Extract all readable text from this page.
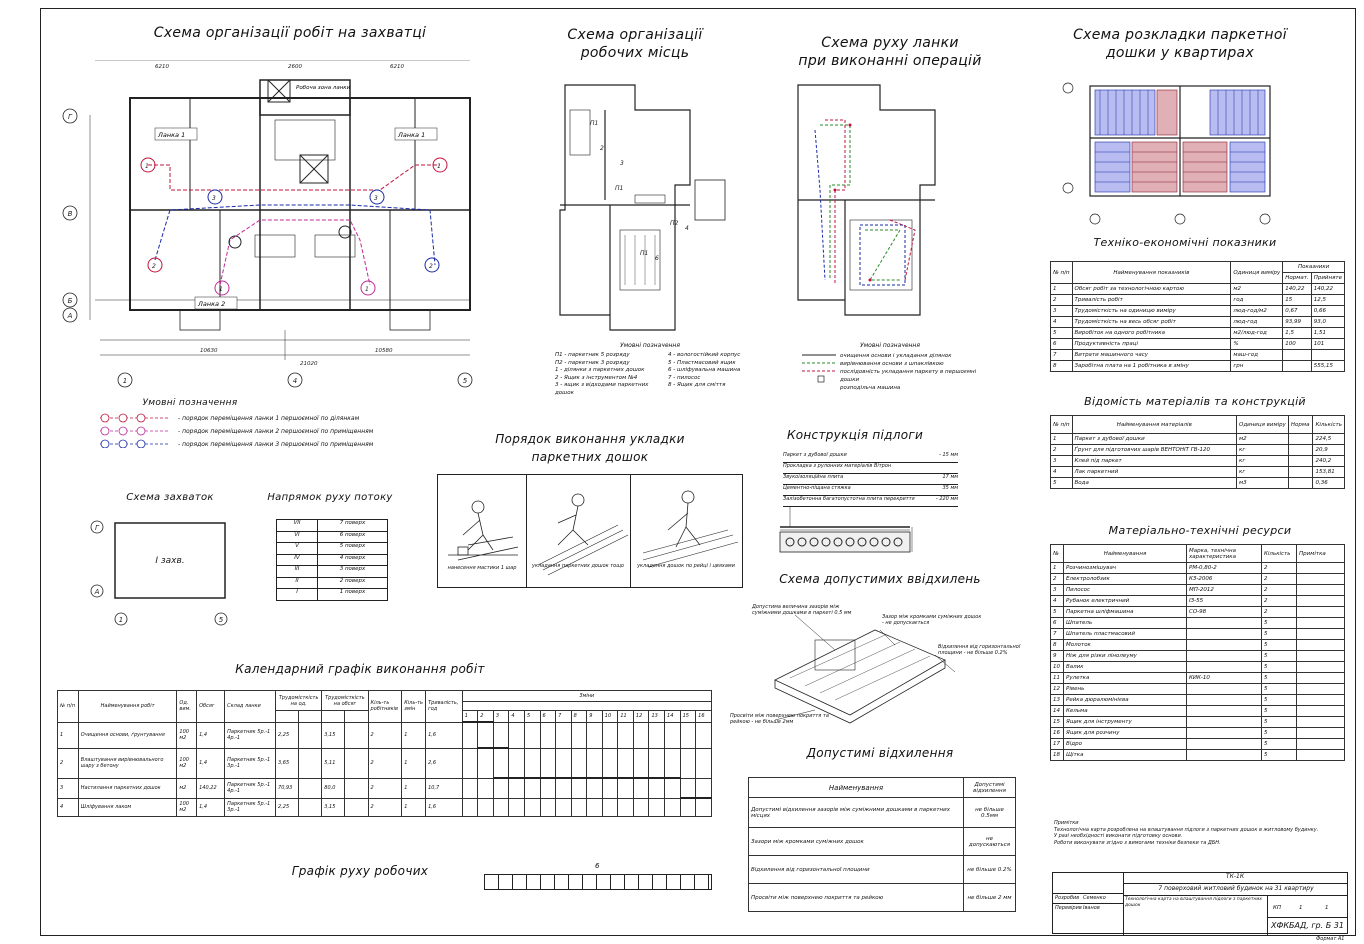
Схема організації робіт на захватці	Схема організації
робочих місць
Схема руху ланки
при виконанні операцій
Схема розкладки паркетної
дошки у квартирах
1	1
2	2
3	3
1	1
Ланка 1	Ланка 1
Ланка 2
Робоча зона ланки
6210	2600	6210
10630
21020
10580
Г
В
Б
А
1	4	5
Умовні позначення
- порядок переміщення ланки 1 першоємної по ділянкам
- порядок переміщення ланки 2 першоємної по приміщенням
- порядок переміщення ланки 3 першоємної по приміщенням
П1
П1
П2
П1
2
3
6
4
Умовні позначення
П1 - паркетник 5 розряду
П2 - паркетник 3 розряду
1 - ділянки з паркетних дошок
2 - Ящик з інструментом №4
3 - ящик з відходами паркетних дошок
4 - вологостійкий корпус
5 - Пластмасовий ящик
6 - шліфувальна машина
7 - пилосос
8 - Ящик для сміття
Умовні позначення
очищення основи і укладання ділянок
вирівнювання основи з шпаклівкою
послідовність укладання паркету в першоємні дошки
розподільча машина
Техніко-економічні показники
№ п/п	Найменування показників	Одиниця виміру	Показники	
			Нормат.	Прийняте
1	Обсяг робіт за технологічною картою	м2	140,22	140,22
2	Тривалість робіт	год	15	12,5
3	Трудомісткість на одиницю виміру	люд-год/м2	0,67	0,66
4	Трудомісткість на весь обсяг робіт	люд-год	93,99	93,0
5	Виробіток на одного робітника	м2/люд-год	1,5	1,51
6	Продуктивність праці	%	100	101
7	Витрати машинного часу	маш-год		
8	Заробітна плата на 1 робітника в зміну	грн		555,15
Відомість матеріалів та конструкцій
№ п/п	Найменування матеріалів	Одиниця виміру	Норма	Кількість
1	Паркет з дубової дошки	м2		224,5
2	Ґрунт для підготовчих шарів ВЕНТОНІТ ГВ-120	кг		20,9
3	Клей під паркет	кг		240,2
4	Лак паркетний	кг		153,81
5	Вода	м3		0,36
Матеріально-технічні ресурси
№	Найменування	Марка, технічна характеристика	Кількість	Примітка
1	Розчинозмішувач	РМ-0,80-2	2	
2	Електролобзик	КЗ-2006	2	
3	Пилосос	МП-2012	2	
4	Рубанок електричний	ІЗ-55	2	
5	Паркетна шліфмашина	СО-98	2	
6	Шпатель		5	
7	Шпатель пластмасовий		5	
8	Молоток		5	
9	Ніж для різки лінолеуму		5	
10	Валик		5	
11	Рулетка	КИК-10	5	
12	Рівень		5	
13	Рейка дюралюмінієва		5	
14	Кельма		5	
15	Ящик для інструменту		5	
16	Ящик для розчину		5	
17	Відро		5	
18	Щітка		5	
Порядок виконання укладки
паркетних дошок
нанесення мастики 1 шар	укладання паркетних дошок тощо	укладання дошок по рейці і цвяхами
Конструкція підлоги
Паркет з дубової дошки	- 15 мм
Прокладка з рулонних матеріалів Вітрон
Звукоізоляційна плита	17 мм
Цементно-піщана стяжка	35 мм
Залізобетонна багатопустотна плита перекриття	- 220 мм
Схема допустимих ввідхилень
Допустима величина зазорів між суміжними дошками в паркеті 0.5 мм
Зазор між кромками суміжних дошок - не допускається
Відхилення від горизонтальної площини - не більше 0.2%
Просвіти між поверхнею покриття та рейкою - не більше 2мм
Допустимі відхилення
Найменування	Допустимі відхилення
Допустимі відхилення зазорів між суміжними дошками в паркетних місцях	не більше 0.5мм
Зазори між кромками суміжних дошок	не допускаються
Відхилення від горизонтальної площини	не більше 0.2%
Просвіти між поверхнею покриття та рейкою	не більше 2 мм
Схема захваток
Г
А
1	5
І захв.
Напрямок руху потоку
VII	7 поверх
VI	6 поверх
V	5 поверх
IV	4 поверх
III	3 поверх
II	2 поверх
I	1 поверх
Календарний графік виконання робіт
№ п/п	Найменування робіт	Од. вим.	Обсяг	Склад ланки	Трудомісткість на од.		Трудомісткість на обсяг		Кіль-ть робітників	Кіль-ть змін	Тривалість, год	Зміни															

												1	2	3	4	5	6	7	8	9	10	11	12	13	14	15	16
1	Очищення основи, ґрунтування	100 м2	1,4	Паркетник 5р.-1 4р.-1	2,25		3,15		2	1	1,6																
2	Влаштування вирівнювального шару з бетону	100 м2	1,4	Паркетник 5р.-1 3р.-1	3,65		5,11		2	1	2,6																
3	Настилання паркетних дошок	м2	140,22	Паркетник 5р.-1 4р.-1	70,93		80,0		2	1	10,7																
4	Шліфування лаком	100 м2	1,4	Паркетник 5р.-1 3р.-1	2,25		3,15		2	1	1,6																
Графік руху робочих	6
Примітки
Технологічна карта розроблена на влаштування підлоги з паркетних дошок в житловому будинку.
У разі необхідності виконати підготовку основи.
Роботи виконувати згідно з вимогами техніки безпеки та ДБН.
ТК-1К
Розробив Семенко
Перевірив Іванов
7 поверховий житловий будинок на 31 квартиру
Технологічна карта на влаштування підлоги з паркетних дошок	КП	1	1
ХФКБАД, гр. Б 31
Формат А1
